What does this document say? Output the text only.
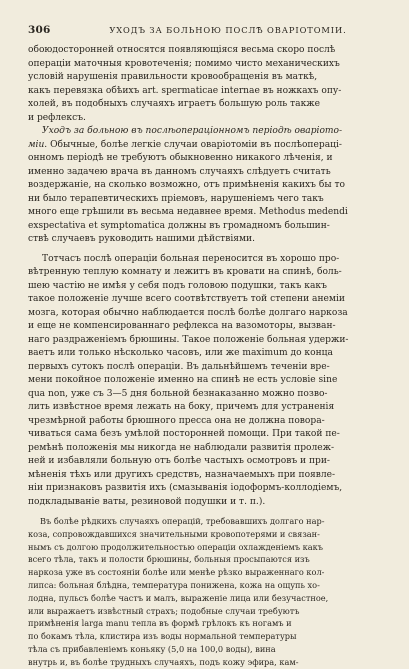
306	УХОДЪ ЗА БОЛЬНОЮ ПОСЛѢ ОВАРІОТОМІИ.

обоюдосторонней относятся появляющіяся весьма скоро послѣ
операціи маточныя кровотеченія; помимо чисто механическихъ
условій нарушенія правильности кровообращенія въ маткѣ,
какъ перевязка обѣихъ art. spermaticae internae въ ножкахъ опу-
холей, въ подобныхъ случаяхъ играетъ большую роль также
и рефлексъ.

Уходъ за больною въ послѣоперaціонномъ періодѣ оваріото-
міи. Обычные, болѣе легкіе случаи оваріотоміи въ послѣоперaці-
онномъ періодѣ не требуютъ обыкновенно никакого лѣченія, и
именно задачею врача въ данномъ случаяхъ слѣдуетъ считать
воздержаніе, на сколько возможно, отъ примѣненія какихъ бы то
ни было терапевтическихъ пріемовъ, нарушеніемъ чего такъ
много еще грѣшили въ весьма недавнее время. Methodus medendi
exspectativa et symptomatica должны въ громадномъ большин-
ствѣ случаевъ руководить нашими дѣйствіями.

Тотчасъ послѣ операціи больная переносится въ хорошо про-
вѣтренную теплую комнату и лежитъ въ кровати на спинѣ, боль-
шею частію не имѣя у себя подъ головою подушки, такъ какъ
такое положеніе лучше всего соотвѣтствуетъ той степени анеміи
мозга, которая обычно наблюдается послѣ болѣе долгаго наркоза
и еще не компенсированнаго рефлекса на вазомоторы, вызван-
наго раздраженіемъ брюшины. Такое положеніе больная удержи-
ваетъ или только нѣсколько часовъ, или же maximum до конца
первыхъ сутокъ послѣ операціи. Въ дальнѣйшемъ теченіи вре-
мени покойное положеніе именно на спинѣ не есть условіе sine
qua non, уже съ 3—5 дня больной безнаказанно можно позво-
лить извѣстное время лежать на боку, причемъ для устраненія
чрезмѣрной работы брюшного пресса она не должна повора-
чиваться сама безъ умѣлой посторонней помощи. При такой пе-
ремѣнѣ положенія мы никогда не наблюдали развитія пролеж-
ней и избавляли больную отъ болѣе частыхъ осмотровъ и при-
мѣненія тѣхъ или другихъ средствъ, назначаемыхъ при появле-
ніи признаковъ развитія ихъ (смазыванія іодоформъ-коллодіемъ,
подкладываніе ваты, резиновой подушки и т. п.).

Въ болѣе рѣдкихъ случаяхъ операцій, требовавшихъ долгаго нар-
коза, сопровождавшихся значительными кровопотерями и связан-
нымъ съ долгою продолжительностью операціи охлажденіемъ какъ
всего тѣла, такъ и полости брюшины, больныя просыпаются изъ
наркоза уже въ состояніи болѣе или менѣе рѣзко выраженнаго кол-
липса: больная блѣдна, температура понижена, кожа на ощупь хо-
лодна, пульсъ болѣе частъ и малъ, выраженіе лица или безучастное,
или выражаетъ извѣстный страхъ; подобные случаи требуютъ
примѣненія larga manu тепла въ формѣ грѣлокъ къ ногамъ и
по бокамъ тѣла, клистира изъ воды нормальной температуры
тѣла съ прибавленіемъ коньяку (5,0 на 100,0 воды), вина
внутрь и, въ болѣе трудныхъ случаяхъ, подъ кожу эфира, кам-
